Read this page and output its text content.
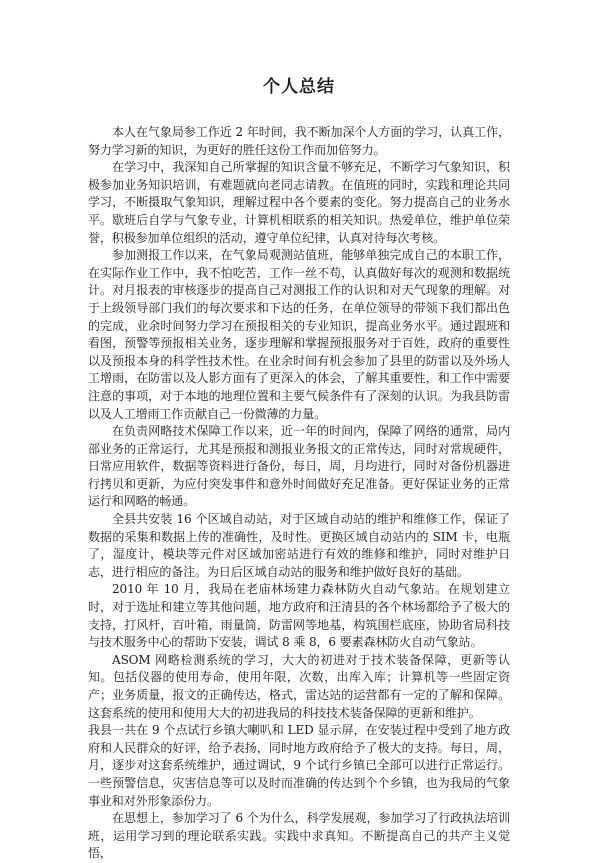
个人总结

本人在气象局参工作近 2 年时间，我不断加深个人方面的学习，认真工作，努力学习新的知识，为更好的胜任这份工作而加倍努力。

在学习中，我深知自己所掌握的知识含量不够充足，不断学习气象知识，积极参加业务知识培训，有难题就向老同志请教。在值班的同时，实践和理论共同学习，不断摄取气象知识，理解过程中各个要素的变化。努力提高自己的业务水平。歇班后自学与气象专业，计算机相联系的相关知识。热爱单位，维护单位荣誉，积极参加单位组织的活动，遵守单位纪律，认真对待每次考核。

参加测报工作以来，在气象局观测站值班，能够单独完成自己的本职工作，在实际作业工作中，我不怕吃苦，工作一丝不苟，认真做好每次的观测和数据统计。对月报表的审核逐步的提高自己对测报工作的认识和对天气现象的理解。对于上级领导部门我们的每次要求和下达的任务，在单位领导的带领下我们都出色的完成，业余时间努力学习在预报相关的专业知识，提高业务水平。通过跟班和看图，预警等预报相关业务，逐步理解和掌握预报服务对于百姓，政府的重要性以及预报本身的科学性技术性。在业余时间有机会参加了县里的防雷以及外场人工增雨，在防雷以及人影方面有了更深入的体会，了解其重要性，和工作中需要注意的事项，对于本地的地理位置和主要气候条件有了深刻的认识。为我县防雷以及人工增雨工作贡献自己一份微薄的力量。

在负责网略技术保障工作以来，近一年的时间内，保障了网络的通常，局内部业务的正常运行，尤其是预报和测报业务报文的正常传达，同时对常规硬件，日常应用软件，数据等资料进行备份，每日，周，月均进行，同时对备份机器进行拷贝和更新，为应付突发事件和意外时间做好充足准备。更好保证业务的正常运行和网略的畅通。

全县共安装 16 个区域自动站，对于区域自动站的维护和维修工作，保证了数据的采集和数据上传的准确性，及时性。更换区域自动站内的 SIM 卡，电瓶了，湿度计，模块等元件对区域加密站进行有效的维修和维护，同时对维护日志，进行相应的备注。为日后区域自动站的服务和维护做好良好的基础。

2010 年 10 月，我局在老庙林场建力森林防火自动气象站。在规划建立时，对于选址和建立等其他问题，地方政府和汪清县的各个林场都给予了极大的支持，打风杆，百叶箱，雨量筒，防雷网等地基，构筑围栏底座，协助省局科技与技术服务中心的帮助下安装，调试 8 乘 8，6 要素森林防火自动气象站。

ASOM 网略检测系统的学习，大大的初进对于技术装备保障，更新等认知。包括仪器的使用寿命，使用年限，次数，出库入库；计算机等一些固定资产；业务质量，报文的正确传达，格式，雷达站的运营都有一定的了解和保障。这套系统的使用和使用大大的初进我局的科技技术装备保障的更新和维护。

我县一共在 9 个点试行乡镇大喇叭和 LED 显示屏，在安装过程中受到了地方政府和人民群众的好评，给予表扬，同时地方政府给予了极大的支持。每日，周，月，逐步对这套系统维护，通过调试，9 个试行乡镇已全部可以进行正常运行。一些预警信息，灾害信息等可以及时而准确的传达到个个乡镇，也为我局的气象事业和对外形象添份力。

在思想上，参加学习了 6 个为什么，科学发展观，参加学习了行政执法培训班，运用学习到的理论联系实践。实践中求真知。不断提高自己的共产主义觉悟，
